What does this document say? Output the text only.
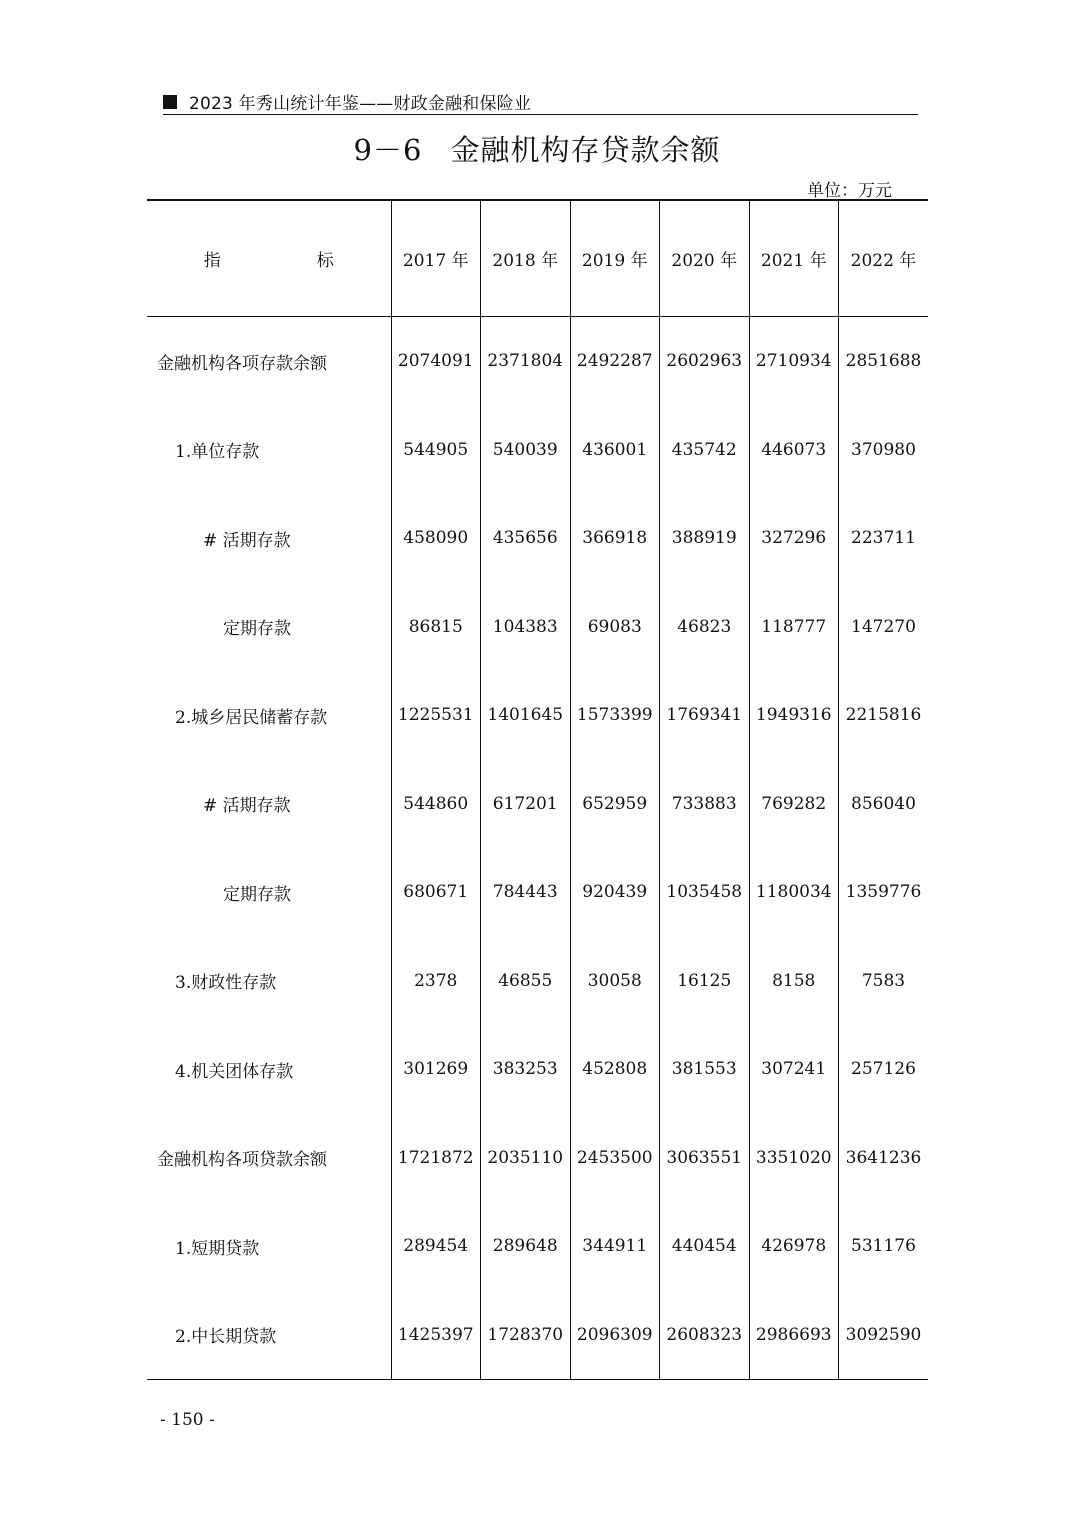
2023 年秀山统计年鉴——财政金融和保险业
9－6 金融机构存贷款余额
单位：万元
指 标	2017 年	2018 年	2019 年	2020 年	2021 年	2022 年
金融机构各项存款余额	2074091	2371804	2492287	2602963	2710934	2851688
1.单位存款	544905	540039	436001	435742	446073	370980
# 活期存款	458090	435656	366918	388919	327296	223711
定期存款	86815	104383	69083	46823	118777	147270
2.城乡居民储蓄存款	1225531	1401645	1573399	1769341	1949316	2215816
# 活期存款	544860	617201	652959	733883	769282	856040
定期存款	680671	784443	920439	1035458	1180034	1359776
3.财政性存款	2378	46855	30058	16125	8158	7583
4.机关团体存款	301269	383253	452808	381553	307241	257126
金融机构各项贷款余额	1721872	2035110	2453500	3063551	3351020	3641236
1.短期贷款	289454	289648	344911	440454	426978	531176
2.中长期贷款	1425397	1728370	2096309	2608323	2986693	3092590
- 150 -
